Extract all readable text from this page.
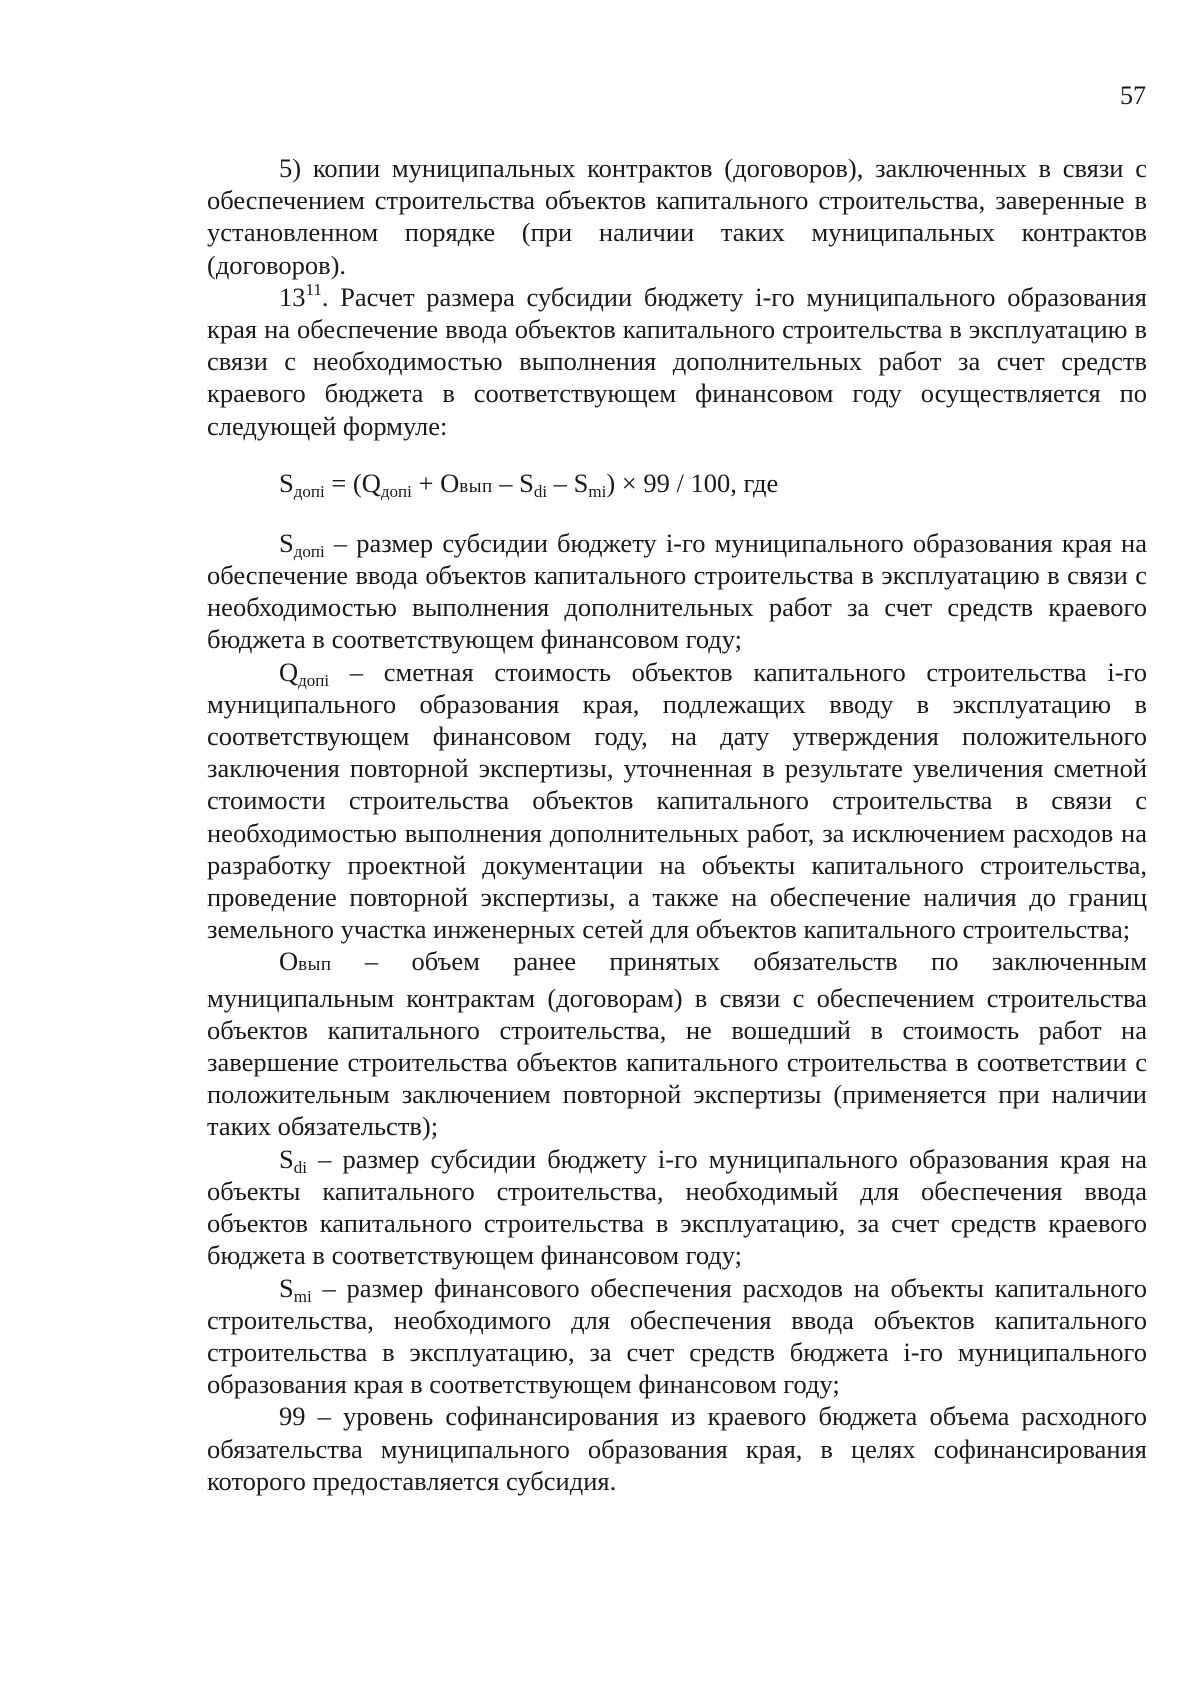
57

5) копии муниципальных контрактов (договоров), заключенных в связи с обеспечением строительства объектов капитального строительства, заверенные в установленном порядке (при наличии таких муниципальных контрактов (договоров).

$13^{11}$. Расчет размера субсидии бюджету i-го муниципального образования края на обеспечение ввода объектов капитального строительства в эксплуатацию в связи с необходимостью выполнения дополнительных работ за счет средств краевого бюджета в соответствующем финансовом году осуществляется по следующей формуле:

$S_{допi} = (Q_{допi}$ + Овып – $S_{di} - S_{mi}) \times 99 / 100$, где

$S_{допi}$ – размер субсидии бюджету i-го муниципального образования края на обеспечение ввода объектов капитального строительства в эксплуатацию в связи с необходимостью выполнения дополнительных работ за счет средств краевого бюджета в соответствующем финансовом году;

$Q_{допi}$ – сметная стоимость объектов капитального строительства i-го муниципального образования края, подлежащих вводу в эксплуатацию в соответствующем финансовом году, на дату утверждения положительного заключения повторной экспертизы, уточненная в результате увеличения сметной стоимости строительства объектов капитального строительства в связи с необходимостью выполнения дополнительных работ, за исключением расходов на разработку проектной документации на объекты капитального строительства, проведение повторной экспертизы, а также на обеспечение наличия до границ земельного участка инженерных сетей для объектов капитального строительства;

Овып – объем ранее принятых обязательств по заключенным муниципальным контрактам (договорам) в связи с обеспечением строительства объектов капитального строительства, не вошедший в стоимость работ на завершение строительства объектов капитального строительства в соответствии с положительным заключением повторной экспертизы (применяется при наличии таких обязательств);

$S_{di}$ – размер субсидии бюджету i-го муниципального образования края на объекты капитального строительства, необходимый для обеспечения ввода объектов капитального строительства в эксплуатацию, за счет средств краевого бюджета в соответствующем финансовом году;

$S_{mi}$ – размер финансового обеспечения расходов на объекты капитального строительства, необходимого для обеспечения ввода объектов капитального строительства в эксплуатацию, за счет средств бюджета i-го муниципального образования края в соответствующем финансовом году;

99 – уровень софинансирования из краевого бюджета объема расходного обязательства муниципального образования края, в целях софинансирования которого предоставляется субсидия.
